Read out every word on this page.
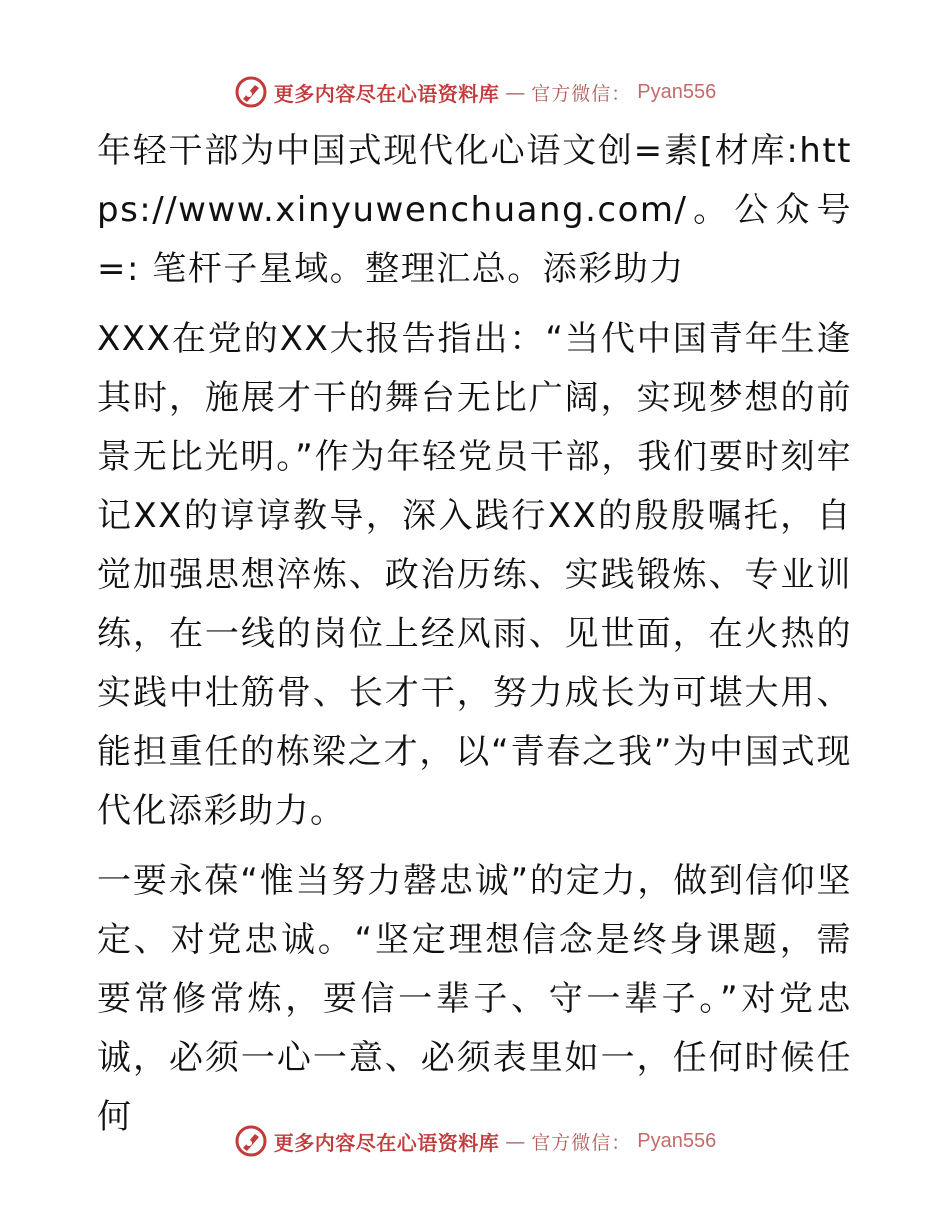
更多内容尽在心语资料库 — 官方微信： Pyan556

年轻干部为中国式现代化心语文创=素[材库:https://www.xinyuwenchuang.com/。公众号=: 笔杆子星域。整理汇总。添彩助力

XXX在党的XX大报告指出：“当代中国青年生逢其时，施展才干的舞台无比广阔，实现梦想的前景无比光明。”作为年轻党员干部，我们要时刻牢记XX的谆谆教导，深入践行XX的殷殷嘱托，自觉加强思想淬炼、政治历练、实践锻炼、专业训练，在一线的岗位上经风雨、见世面，在火热的实践中壮筋骨、长才干，努力成长为可堪大用、能担重任的栋梁之才，以“青春之我”为中国式现代化添彩助力。

一要永葆“惟当努力罄忠诚”的定力，做到信仰坚定、对党忠诚。“坚定理想信念是终身课题，需要常修常炼，要信一辈子、守一辈子。”对党忠诚，必须一心一意、必须表里如一，任何时候任何

更多内容尽在心语资料库 — 官方微信： Pyan556
